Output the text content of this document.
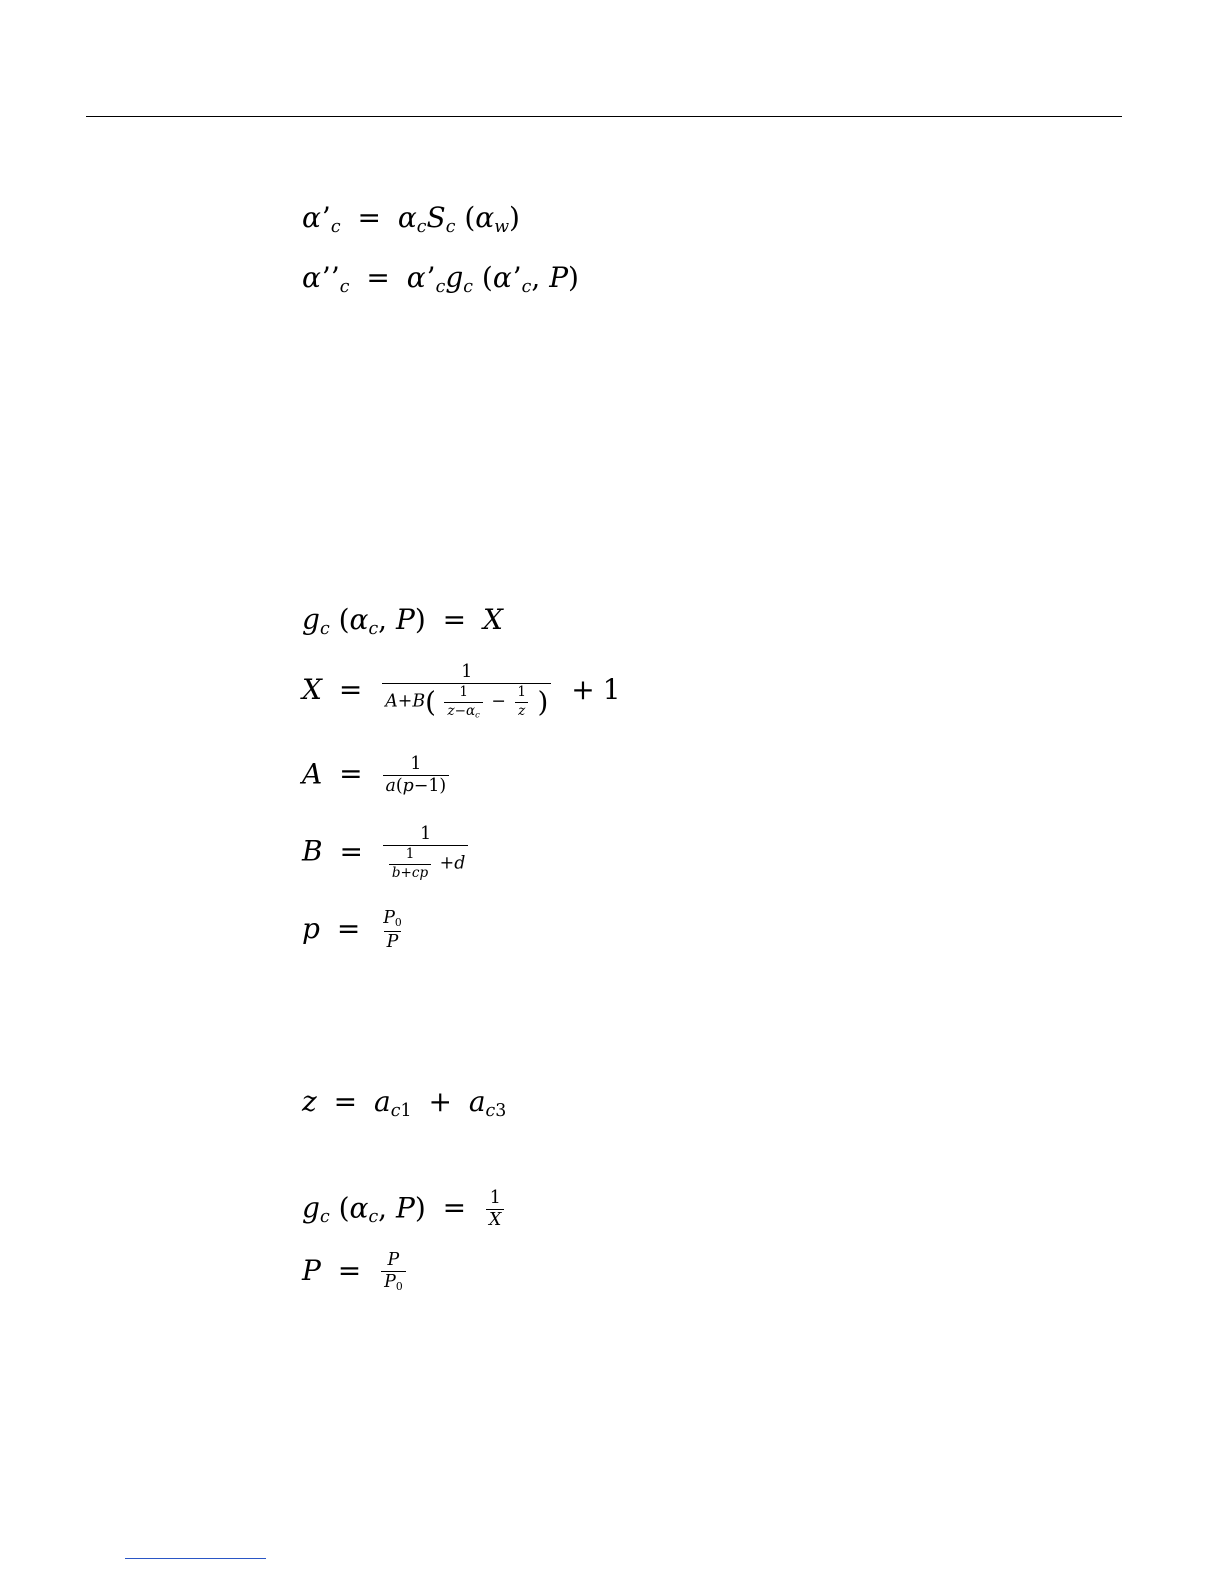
$\alpha’_c = \alpha_cS_c$ $(\alpha_w)$
$\alpha’’_c$ = $\alpha’_cg_c$ ($\alpha’_c$, P)
$g_c$ ($\alpha_c$, P) = X
X =
1
$A+B( \frac{1}{z-\alpha_c} - \frac{1}{z}$ ) + 1
$A = \frac{1}{a(p-1)}$
$B = \frac{1}{\frac{1}{b+cp} +d}$
$p = \frac{P_0}{P}$
$z = a_{c1} + a_{c3}$
$g_c$ ($\alpha_c$, $P) = \frac{1}{X}$
$P = \frac{P}{P_0}$
